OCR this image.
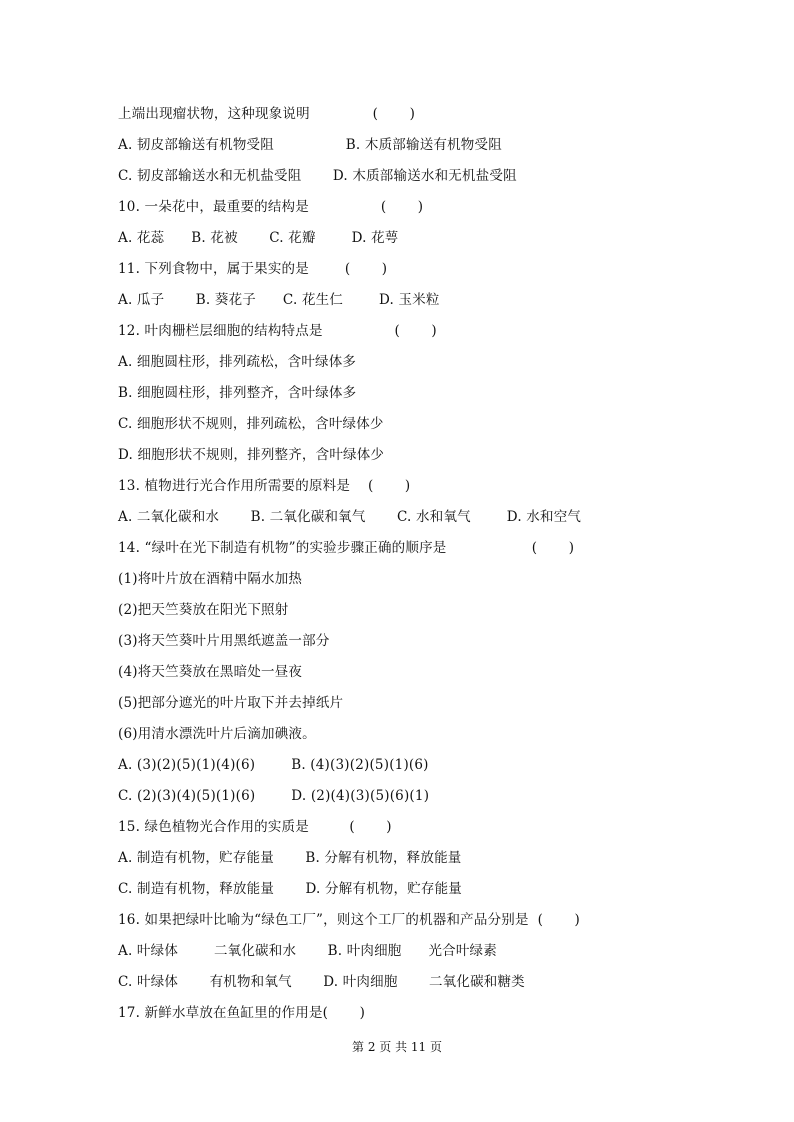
上端出现瘤状物，这种现象说明              (       )
A. 韧皮部输送有机物受阻                B. 木质部输送有机物受阻
C. 韧皮部输送水和无机盐受阻       D. 木质部输送水和无机盐受阻
10. 一朵花中，最重要的结构是                (       )
A. 花蕊      B. 花被       C. 花瓣        D. 花萼
11. 下列食物中，属于果实的是        (       )
A. 瓜子       B. 葵花子      C. 花生仁        D. 玉米粒
12. 叶肉栅栏层细胞的结构特点是                (       )
A. 细胞圆柱形，排列疏松，含叶绿体多
B. 细胞圆柱形，排列整齐，含叶绿体多
C. 细胞形状不规则，排列疏松，含叶绿体少
D. 细胞形状不规则，排列整齐，含叶绿体少
13. 植物进行光合作用所需要的原料是    (       )
A. 二氧化碳和水       B. 二氧化碳和氧气       C. 水和氧气        D. 水和空气
14. “绿叶在光下制造有机物”的实验步骤正确的顺序是                   (       )
(1)将叶片放在酒精中隔水加热
(2)把天竺葵放在阳光下照射
(3)将天竺葵叶片用黑纸遮盖一部分
(4)将天竺葵放在黑暗处一昼夜
(5)把部分遮光的叶片取下并去掉纸片
(6)用清水漂洗叶片后滴加碘液。
A. (3)(2)(5)(1)(4)(6)        B. (4)(3)(2)(5)(1)(6)
C. (2)(3)(4)(5)(1)(6)        D. (2)(4)(3)(5)(6)(1)
15. 绿色植物光合作用的实质是         (       )
A. 制造有机物，贮存能量       B. 分解有机物，释放能量
C. 制造有机物，释放能量       D. 分解有机物，贮存能量
16. 如果把绿叶比喻为“绿色工厂”，则这个工厂的机器和产品分别是  (       )
A. 叶绿体        二氧化碳和水       B. 叶肉细胞      光合叶绿素
C. 叶绿体       有机物和氧气       D. 叶肉细胞       二氧化碳和糖类
17. 新鲜水草放在鱼缸里的作用是(       )
第 2 页 共 11 页
